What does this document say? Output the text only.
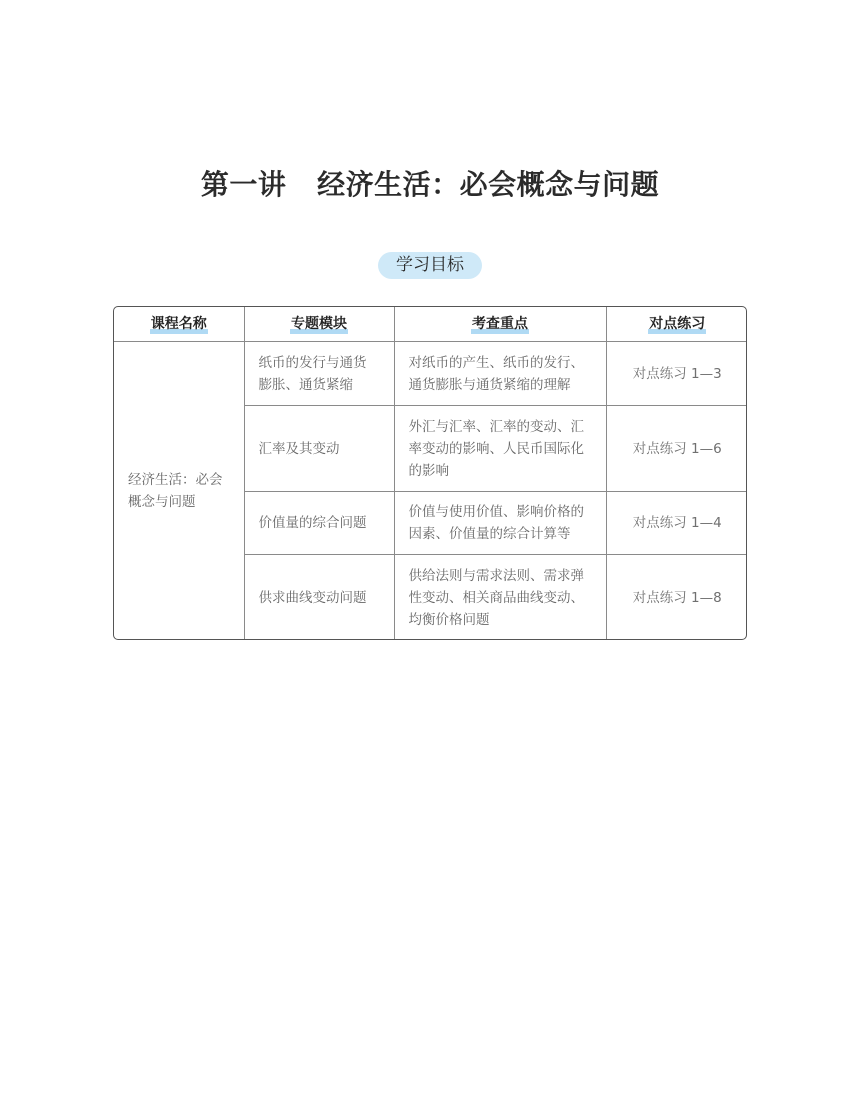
第一讲   经济生活：必会概念与问题
学习目标
课程名称	专题模块	考查重点	对点练习
经济生活：必会概念与问题	纸币的发行与通货膨胀、通货紧缩	对纸币的产生、纸币的发行、通货膨胀与通货紧缩的理解	对点练习 1—3
	汇率及其变动	外汇与汇率、汇率的变动、汇率变动的影响、人民币国际化的影响	对点练习 1—6
	价值量的综合问题	价值与使用价值、影响价格的因素、价值量的综合计算等	对点练习 1—4
	供求曲线变动问题	供给法则与需求法则、需求弹性变动、相关商品曲线变动、均衡价格问题	对点练习 1—8
